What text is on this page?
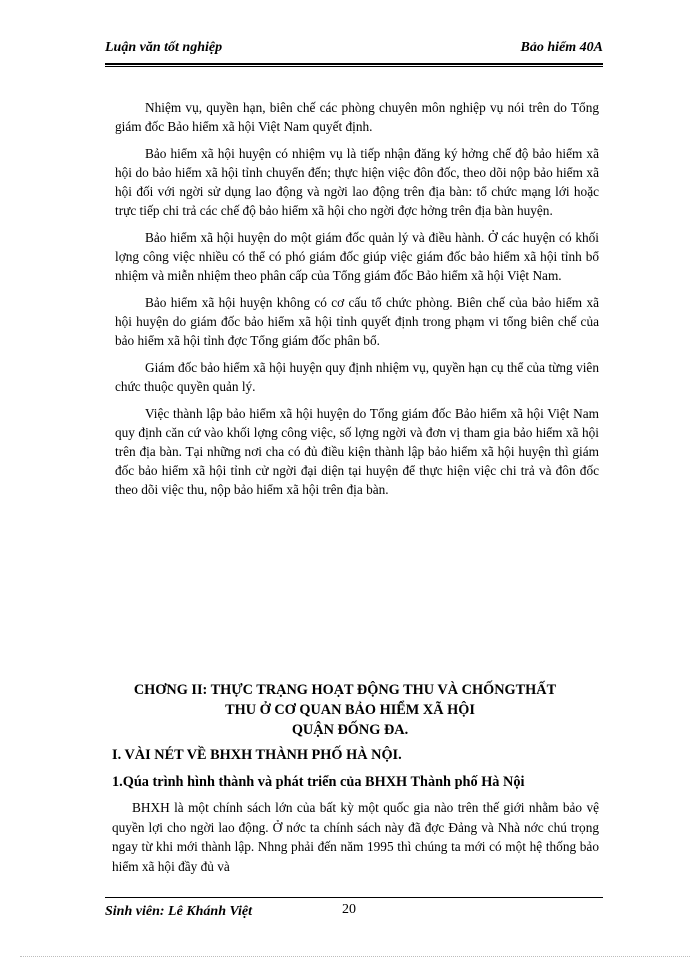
Luận văn tốt nghiệp	Bảo hiểm 40A

Nhiệm vụ, quyền hạn, biên chế các phòng chuyên môn nghiệp vụ nói trên do Tổng giám đốc Bảo hiểm xã hội Việt Nam quyết định.

Bảo hiểm xã hội huyện có nhiệm vụ là tiếp nhận đăng ký hởng chế độ bảo hiểm xã hội do bảo hiểm xã hội tỉnh chuyển đến; thực hiện việc đôn đốc, theo dõi nộp bảo hiểm xã hội đối với ngời sử dụng lao động và ngời lao động trên địa bàn: tổ chức mạng lới hoặc trực tiếp chi trả các chế độ bảo hiểm xã hội cho ngời đợc hởng trên địa bàn huyện.

Bảo hiểm xã hội huyện do một giám đốc quản lý và điều hành. Ở các huyện có khối lợng công việc nhiều có thể có phó giám đốc giúp việc giám đốc bảo hiểm xã hội tỉnh bổ nhiệm và miễn nhiệm theo phân cấp của Tổng giám đốc Bảo hiểm xã hội Việt Nam.

Bảo hiểm xã hội huyện không có cơ cấu tổ chức phòng. Biên chế của bảo hiểm xã hội huyện do giám đốc bảo hiểm xã hội tỉnh quyết định trong phạm vi tổng biên chế của bảo hiểm xã hội tỉnh đợc Tổng giám đốc phân bổ.

Giám đốc bảo hiểm xã hội huyện quy định nhiệm vụ, quyền hạn cụ thể của từng viên chức thuộc quyền quản lý.

Việc thành lập bảo hiểm xã hội huyện do Tổng giám đốc Bảo hiểm xã hội Việt Nam quy định căn cứ vào khối lợng công việc, số lợng ngời và đơn vị tham gia bảo hiểm xã hội trên địa bàn. Tại những nơi cha có đủ điều kiện thành lập bảo hiểm xã hội huyện thì giám đốc bảo hiểm xã hội tỉnh cử ngời đại diện tại huyện để thực hiện việc chi trả và đôn đốc theo dõi việc thu, nộp bảo hiểm xã hội trên địa bàn.

CHƠNG II: THỰC TRẠNG HOẠT ĐỘNG THU VÀ CHỐNGTHẤT
THU Ở CƠ QUAN BẢO HIỂM XÃ HỘI
QUẬN ĐỐNG ĐA.
I. VÀI NÉT VỀ BHXH THÀNH PHỐ HÀ NỘI.
1.Qúa trình hình thành và phát triển của BHXH Thành phố Hà Nội

BHXH là một chính sách lớn của bất kỳ một quốc gia nào trên thế giới nhằm bảo vệ quyền lợi cho ngời lao động. Ở nớc ta chính sách này đã đợc Đảng và Nhà nớc chú trọng ngay từ khi mới thành lập. Nhng phải đến năm 1995 thì chúng ta mới có một hệ thống bảo hiểm xã hội đầy đủ và

Sinh viên: Lê Khánh Việt	20
